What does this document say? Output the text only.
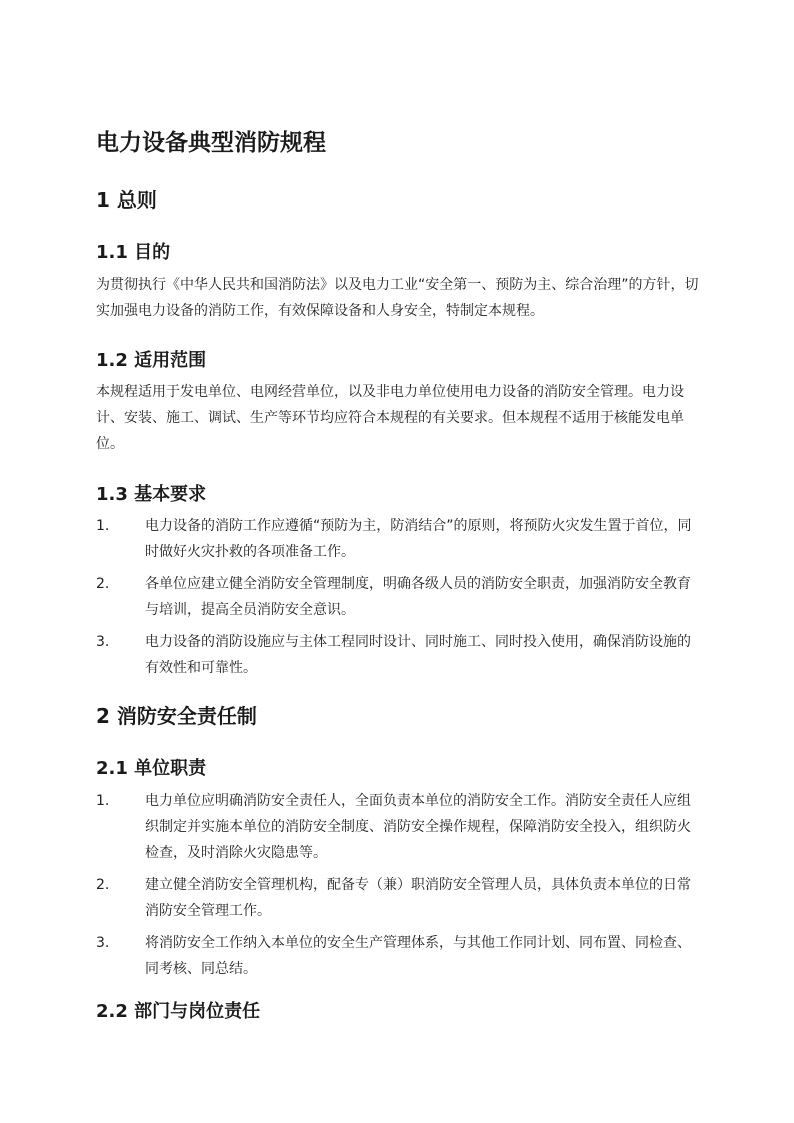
电力设备典型消防规程
1 总则
1.1 目的

为贯彻执行《中华人民共和国消防法》以及电力工业“安全第一、预防为主、综合治理”的方针，切实加强电力设备的消防工作，有效保障设备和人身安全，特制定本规程。

1.2 适用范围

本规程适用于发电单位、电网经营单位，以及非电力单位使用电力设备的消防安全管理。电力设计、安装、施工、调试、生产等环节均应符合本规程的有关要求。但本规程不适用于核能发电单位。

1.3 基本要求
1.	电力设备的消防工作应遵循“预防为主，防消结合”的原则，将预防火灾发生置于首位，同时做好火灾扑救的各项准备工作。
2.	各单位应建立健全消防安全管理制度，明确各级人员的消防安全职责，加强消防安全教育与培训，提高全员消防安全意识。
3.	电力设备的消防设施应与主体工程同时设计、同时施工、同时投入使用，确保消防设施的有效性和可靠性。
2 消防安全责任制
2.1 单位职责
1.	电力单位应明确消防安全责任人，全面负责本单位的消防安全工作。消防安全责任人应组织制定并实施本单位的消防安全制度、消防安全操作规程，保障消防安全投入，组织防火检查，及时消除火灾隐患等。
2.	建立健全消防安全管理机构，配备专（兼）职消防安全管理人员，具体负责本单位的日常消防安全管理工作。
3.	将消防安全工作纳入本单位的安全生产管理体系，与其他工作同计划、同布置、同检查、同考核、同总结。
2.2 部门与岗位责任
